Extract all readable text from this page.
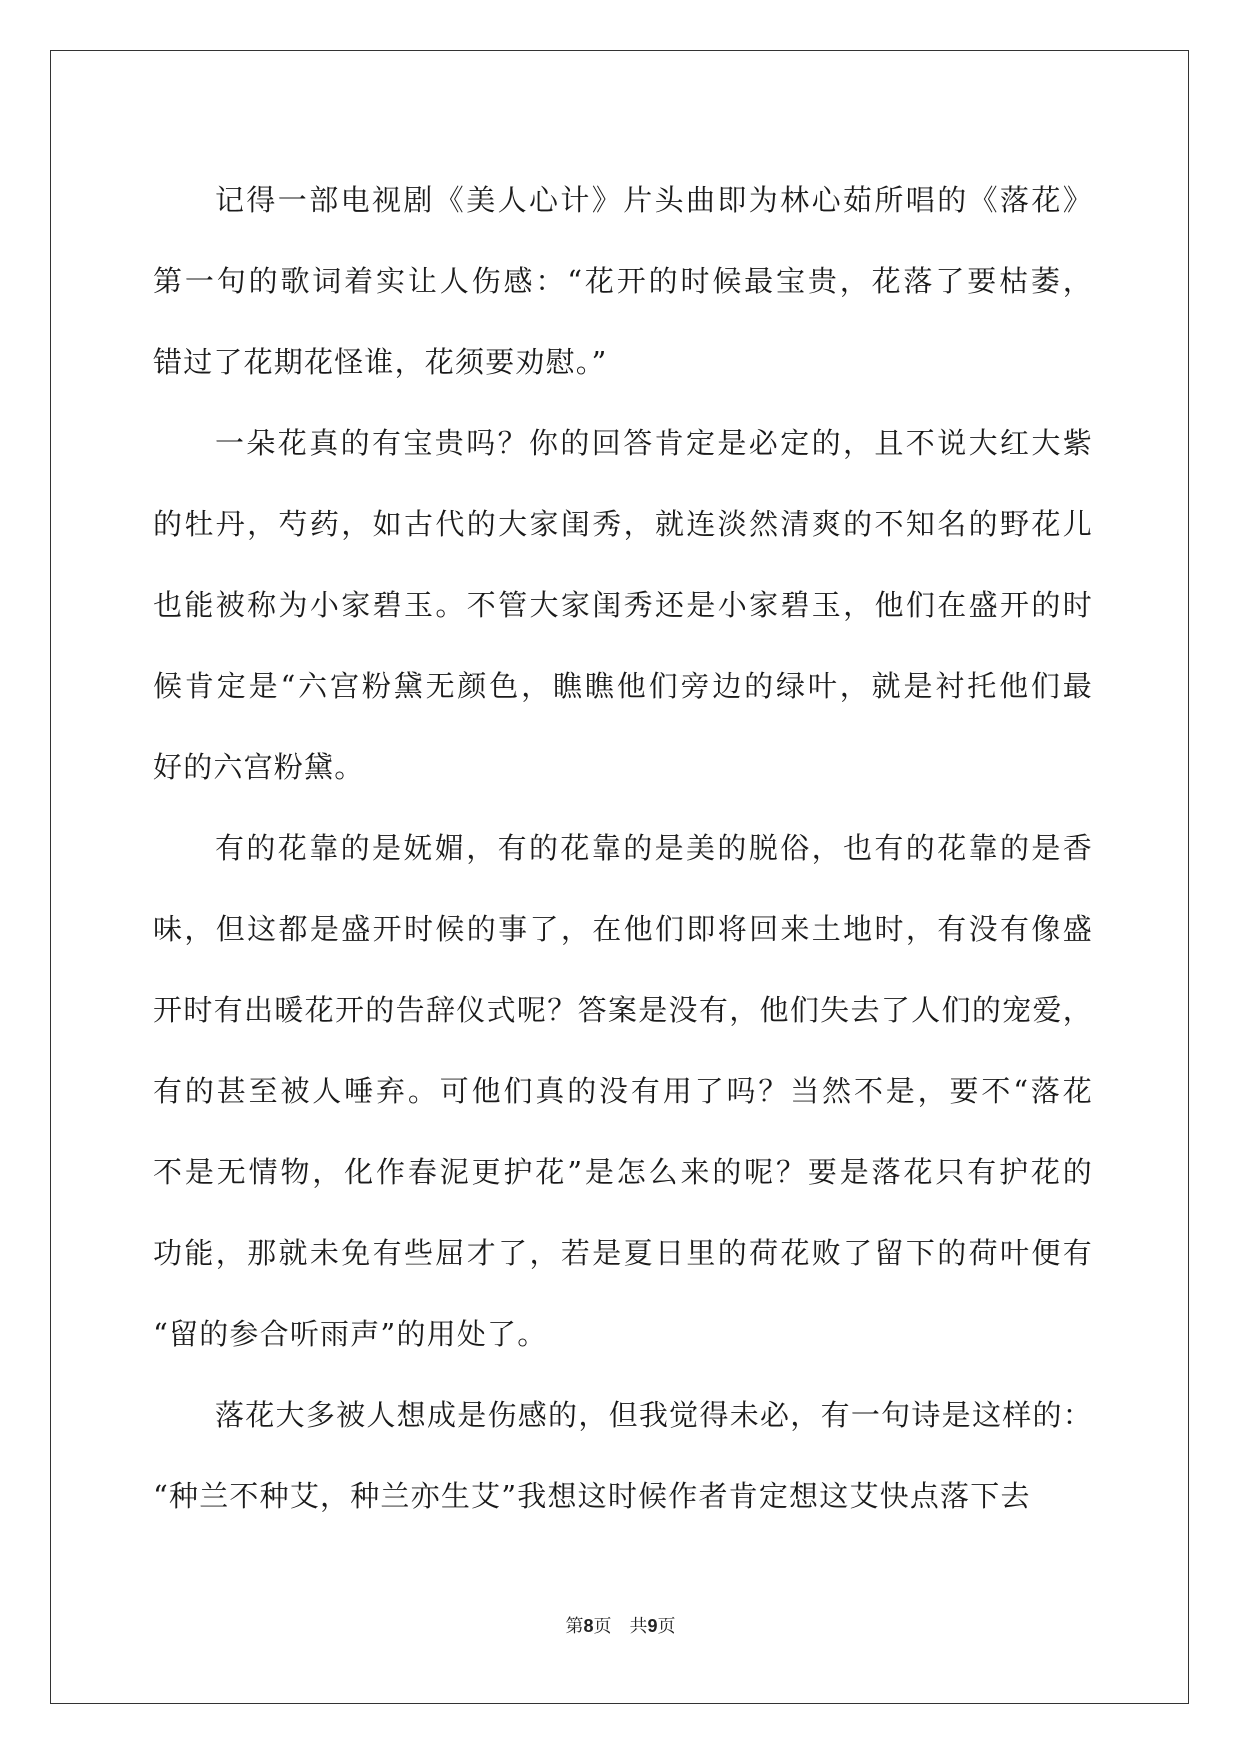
记得一部电视剧《美人心计》片头曲即为林心茹所唱的《落花》
第一句的歌词着实让人伤感：“花开的时候最宝贵，花落了要枯萎，
错过了花期花怪谁，花须要劝慰。”
一朵花真的有宝贵吗？你的回答肯定是必定的，且不说大红大紫
的牡丹，芍药，如古代的大家闺秀，就连淡然清爽的不知名的野花儿
也能被称为小家碧玉。不管大家闺秀还是小家碧玉，他们在盛开的时
候肯定是“六宫粉黛无颜色，瞧瞧他们旁边的绿叶，就是衬托他们最
好的六宫粉黛。
有的花靠的是妩媚，有的花靠的是美的脱俗，也有的花靠的是香
味，但这都是盛开时候的事了，在他们即将回来土地时，有没有像盛
开时有出暖花开的告辞仪式呢？答案是没有，他们失去了人们的宠爱，
有的甚至被人唾弃。可他们真的没有用了吗？当然不是，要不“落花
不是无情物，化作春泥更护花”是怎么来的呢？要是落花只有护花的
功能，那就未免有些屈才了，若是夏日里的荷花败了留下的荷叶便有
“留的参合听雨声”的用处了。
落花大多被人想成是伤感的，但我觉得未必，有一句诗是这样的：
“种兰不种艾，种兰亦生艾”我想这时候作者肯定想这艾快点落下去
第8页　共9页
